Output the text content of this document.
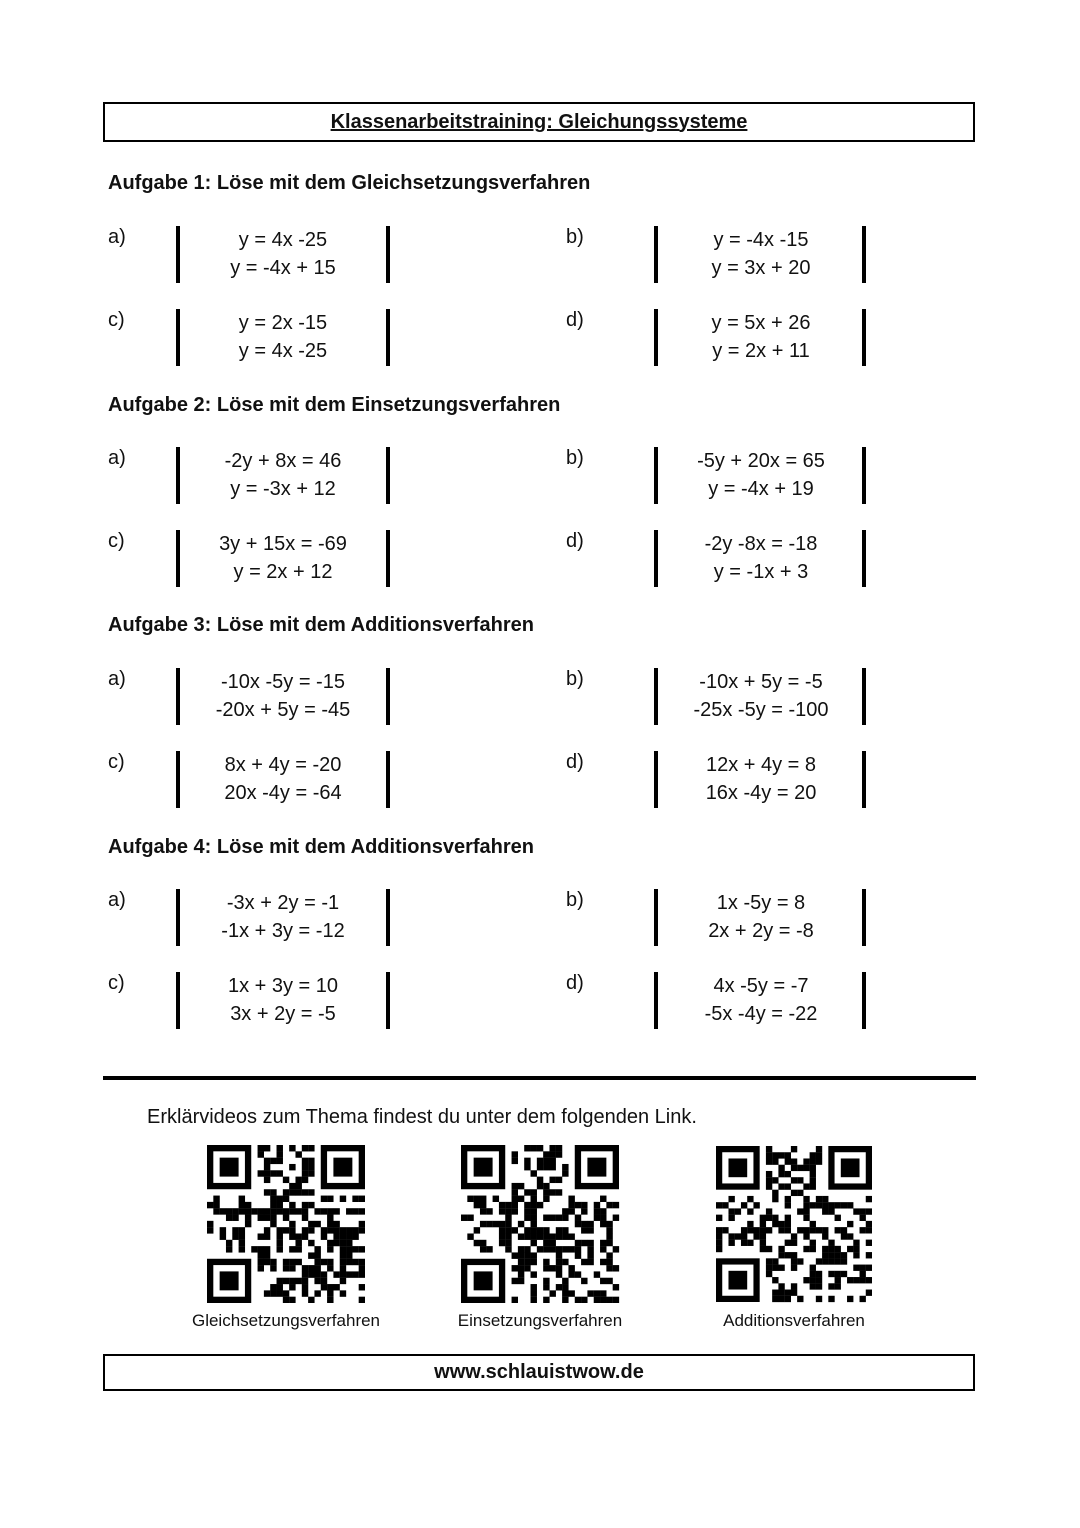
Klassenarbeitstraining: Gleichungssysteme
Aufgabe 1: Löse mit dem Gleichsetzungsverfahren
a)	y = 4x -25
y = -4x + 15
b)	y = -4x -15
y = 3x + 20
c)	y = 2x -15
y = 4x -25
d)	y = 5x + 26
y = 2x + 11
Aufgabe 2: Löse mit dem Einsetzungsverfahren
a)	-2y + 8x = 46
y = -3x + 12
b)	-5y + 20x = 65
y = -4x + 19
c)	3y + 15x = -69
y = 2x + 12
d)	-2y -8x = -18
y = -1x + 3
Aufgabe 3: Löse mit dem Additionsverfahren
a)	-10x -5y = -15
-20x + 5y = -45
b)	-10x + 5y = -5
-25x -5y = -100
c)	8x + 4y = -20
20x -4y = -64
d)	12x + 4y = 8
16x -4y = 20
Aufgabe 4: Löse mit dem Additionsverfahren
a)	-3x + 2y = -1
-1x + 3y = -12
b)	1x -5y = 8
2x + 2y = -8
c)	1x + 3y = 10
3x + 2y = -5
d)	4x -5y = -7
-5x -4y = -22
Erklärvideos zum Thema findest du unter dem folgenden Link.
Gleichsetzungsverfahren	Einsetzungsverfahren	Additionsverfahren
www.schlauistwow.de
